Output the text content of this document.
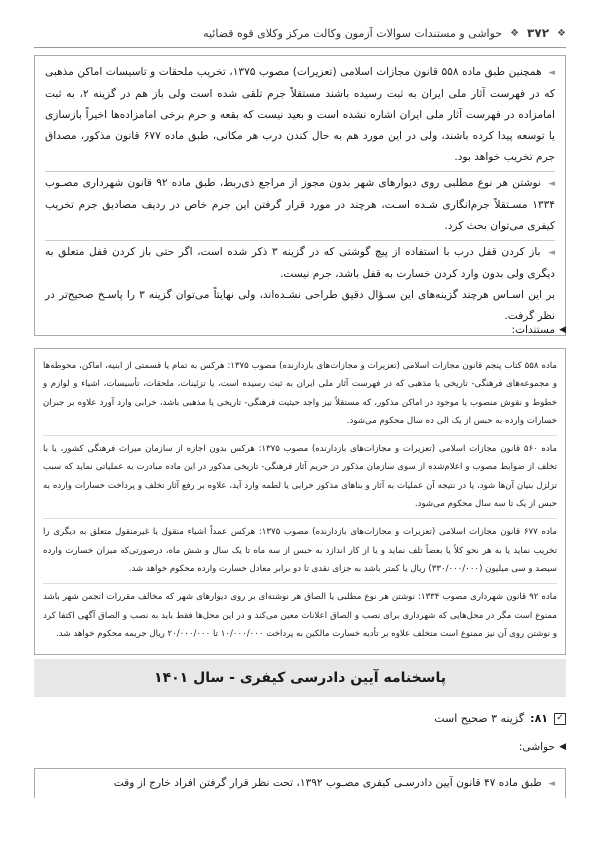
❖
۳۷۲
❖
حواشی و مستندات سوالات آزمون وکالت مرکز وکلای قوه قضائیه
◄ همچنین طبق ماده ۵۵۸ قانون مجازات اسلامی (تعزیرات) مصوب ۱۳۷۵، تخریب ملحقات و تاسیسات اماکن مذهبی که در فهرست آثار ملی ایران به ثبت رسیده باشند مستقلاً جرم تلقی شده است ولی باز هم در گزینه ۲، به ثبت امامزاده در فهرست آثار ملی ایران اشاره نشده است و بعید نیست که بقعه و حرم برخی امامزاده‌ها اخیراً بازسازی یا توسعه پیدا کرده باشند، ولی در این مورد هم به حال کندن درب هر مکانی، طبق ماده ۶۷۷ قانون مذکور، مصداق جرم تخریب خواهد بود.
◄ نوشتن هر نوع مطلبی روی دیوارهای شهر بدون مجوز از مراجع ذی‌ربط، طبق ماده ۹۲ قانون شهرداری مصـوب ۱۳۳۴ مسـتقلاً جرم‌انگاری شـده اسـت، هرچند در مورد قرار گرفتن این جرم خاص در ردیف مصادیق جرم تخریب کیفری می‌توان بحث کرد.
◄ باز کردن قفل درب با استفاده از پیچ گوشتی که در گزینه ۳ ذکر شده است، اگر حتی باز کردن قفل متعلق به دیگری ولی بدون وارد کردن خسارت به قفل باشد، جرم نیست.
بر این اسـاس هرچند گزینه‌های این سـؤال دقیق طراحی نشـده‌اند، ولی نهایتاً می‌توان گزینه ۳ را پاسـخ صحیح‌تر در نظر گرفت.
◀
مستندات:
ماده ۵۵۸ کتاب پنجم قانون مجازات اسلامی (تعزیرات و مجازات‌های بازدارنده) مصوب ۱۳۷۵: هرکس به تمام یا قسمتی از ابنیه، اماکن، محوطه‌ها و مجموعه‌های فرهنگی- تاریخی یا مذهبی که در فهرست آثار ملی ایران به ثبت رسیده است، یا تزئینات، ملحقات، تأسیسات، اشیاء و لوازم و خطوط و نقوش منصوب یا موجود در اماکن مذکور، که مستقلاً نیز واجد حیثیت فرهنگی- تاریخی یا مذهبی باشد، خرابی وارد آورد علاوه بر جبران خسارات وارده به حبس از یک الی ده سال محکوم می‌شود.
ماده ۵۶۰ قانون مجازات اسلامی (تعزیرات و مجازات‌های بازدارنده) مصوب ۱۳۷۵: هرکس بدون اجازه از سازمان میراث فرهنگی کشور، یا با تخلف از ضوابط مصوب و اعلام‌شده از سوی سازمان مذکور در حریم آثار فرهنگی- تاریخی مذکور در این ماده مبادرت به عملیاتی نماید که سبب تزلزل بنیان آن‌ها شود، یا در نتیجه آن عملیات به آثار و بناهای مذکور خرابی یا لطمه وارد آید، علاوه بر رفع آثار تخلف و پرداخت خسارات وارده به حبس از یک تا سه سال محکوم می‌شود.
ماده ۶۷۷ قانون مجازات اسلامی (تعزیرات و مجازات‌های بازدارنده) مصوب ۱۳۷۵: هرکس عمداً اشیاء منقول یا غیرمنقول متعلق به دیگری را تخریب نماید یا به هر نحو کلاً یا بعضاً تلف نماید و یا از کار اندازد به حبس از سه ماه تا یک سال و شش ماه، درصورتی‌که میزان خسارت وارده سیصد و سی میلیون (۳۳۰/۰۰۰/۰۰۰) ریال یا کمتر باشد به جزای نقدی تا دو برابر معادل خسارت وارده محکوم خواهد شد.
ماده ۹۲ قانون شهرداری مصوب ۱۳۳۴: نوشتن هر نوع مطلبی یا الصاق هر نوشته‌ای بر روی دیوارهای شهر که مخالف مقررات انجمن شهر باشد ممنوع است مگر در محل‌هایی که شهرداری برای نصب و الصاق اعلانات معین می‌کند و در این محل‌ها فقط باید به نصب و الصاق آگهی اکتفا کرد و نوشتن روی آن نیز ممنوع است متخلف علاوه بر تأدیه خسارت مالکین به پرداخت ۱۰/۰۰۰/۰۰۰ تا ۲۰/۰۰۰/۰۰۰ ریال جریمه محکوم خواهد شد.
پاسخنامه آیین دادرسی کیفری - سال ۱۴۰۱
✓
۸۱:
گزینه ۳ صحیح است
◀
حواشی:
◄ طبق ماده ۴۷ قانون آیین دادرسـی کیفری مصـوب ۱۳۹۲، تحت نظر قرار گرفتن افراد خارج از وقت
